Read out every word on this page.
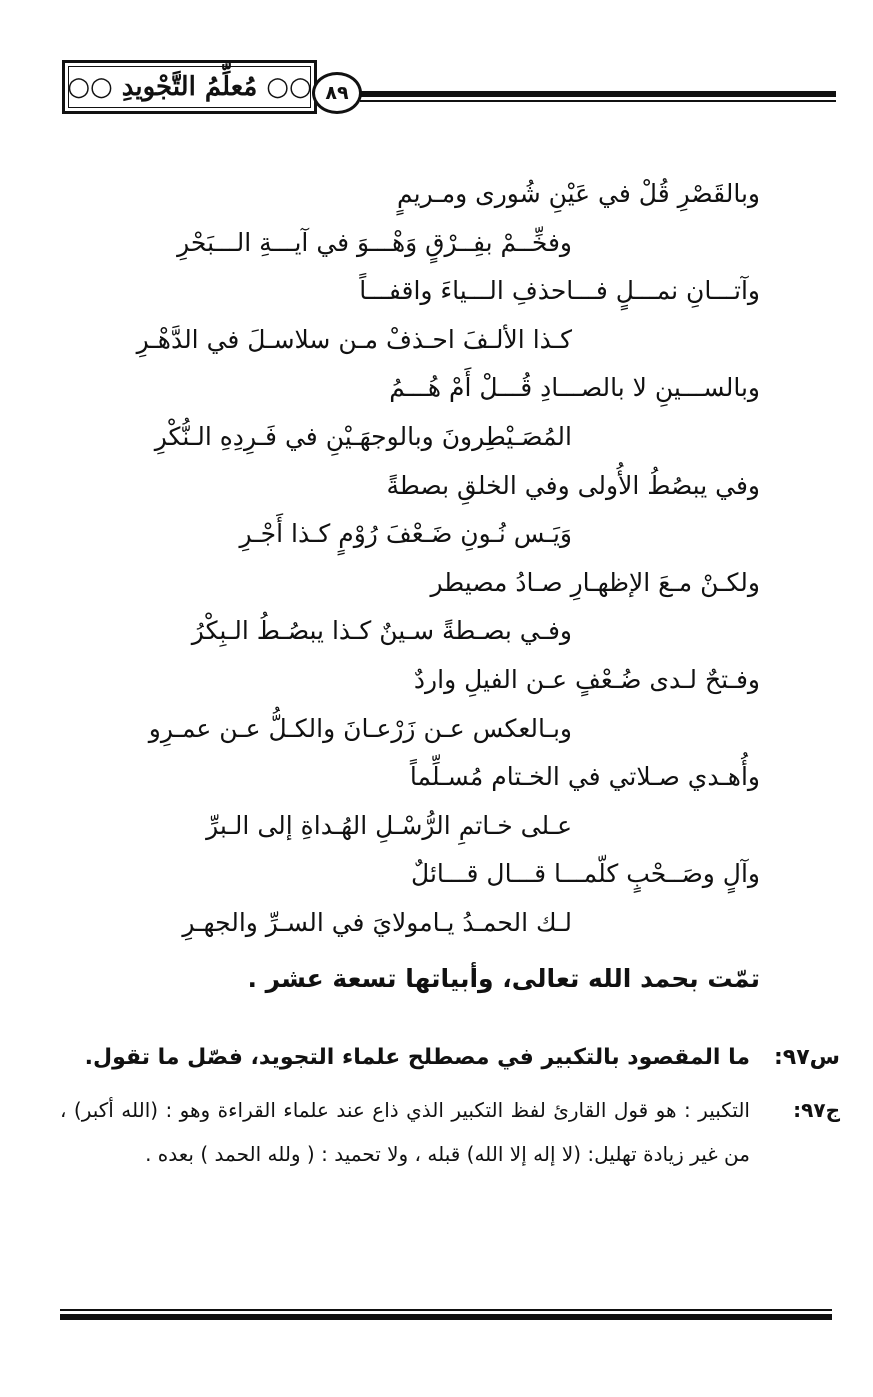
○○ مُعلِّمُ التَّجْويدِ ○○ ٨٩
وبالقَصْرِ قُلْ في عَيْنِ شُورى ومـريمٍ
وفخِّــمْ بفِــرْقٍ وَهْـــوَ في آيـــةِ الـــبَحْرِ
وآتـــانِ نمـــلٍ فـــاحذفِ الـــياءَ واقفـــاً
كـذا الألـفَ احـذفْ مـن سلاسـلَ في الدَّهْـرِ
وبالســـينِ لا بالصـــادِ قُـــلْ أَمْ هُـــمُ
المُصَـيْطِرونَ وبالوجهَـيْنِ في فَـرِدِهِ الـنُّكْرِ
وفي يبصُطُ الأُولى وفي الخلقِ بصطةً
وَيَـس نُـونِ ضَـعْفَ رُوْمٍ كـذا أَجْـرِ
ولكـنْ مـعَ الإظهـارِ صـادُ مصيطر
وفـي بصـطةً سـينٌ كـذا يبصُـطُ الـبِكْرُ
وفـتحٌ لـدى ضُـعْفٍ عـن الفيلِ واردٌ
وبـالعكس عـن زَرْعـانَ والكـلُّ عـن عمـرِو
وأُهـدي صـلاتي في الخـتام مُسـلِّماً
عـلى خـاتمِ الرُّسْـلِ الهُـداةِ إلى الـبرِّ
وآلٍ وصَــحْبٍ كلّمـــا قـــال قـــائلٌ
لـك الحمـدُ يـامولايَ في السـرِّ والجهـرِ
تمّت بحمد الله تعالى، وأبياتها تسعة عشر .
س٩٧:
ما المقصود بالتكبير في مصطلح علماء التجويد، فصّل ما تقول.
ج٩٧:
التكبير : هو قول القارئ لفظ التكبير الذي ذاع عند علماء القراءة وهو : (الله أكبر) ، من غير زيادة تهليل: (لا إله إلا الله) قبله ، ولا تحميد : ( ولله الحمد ) بعده .
